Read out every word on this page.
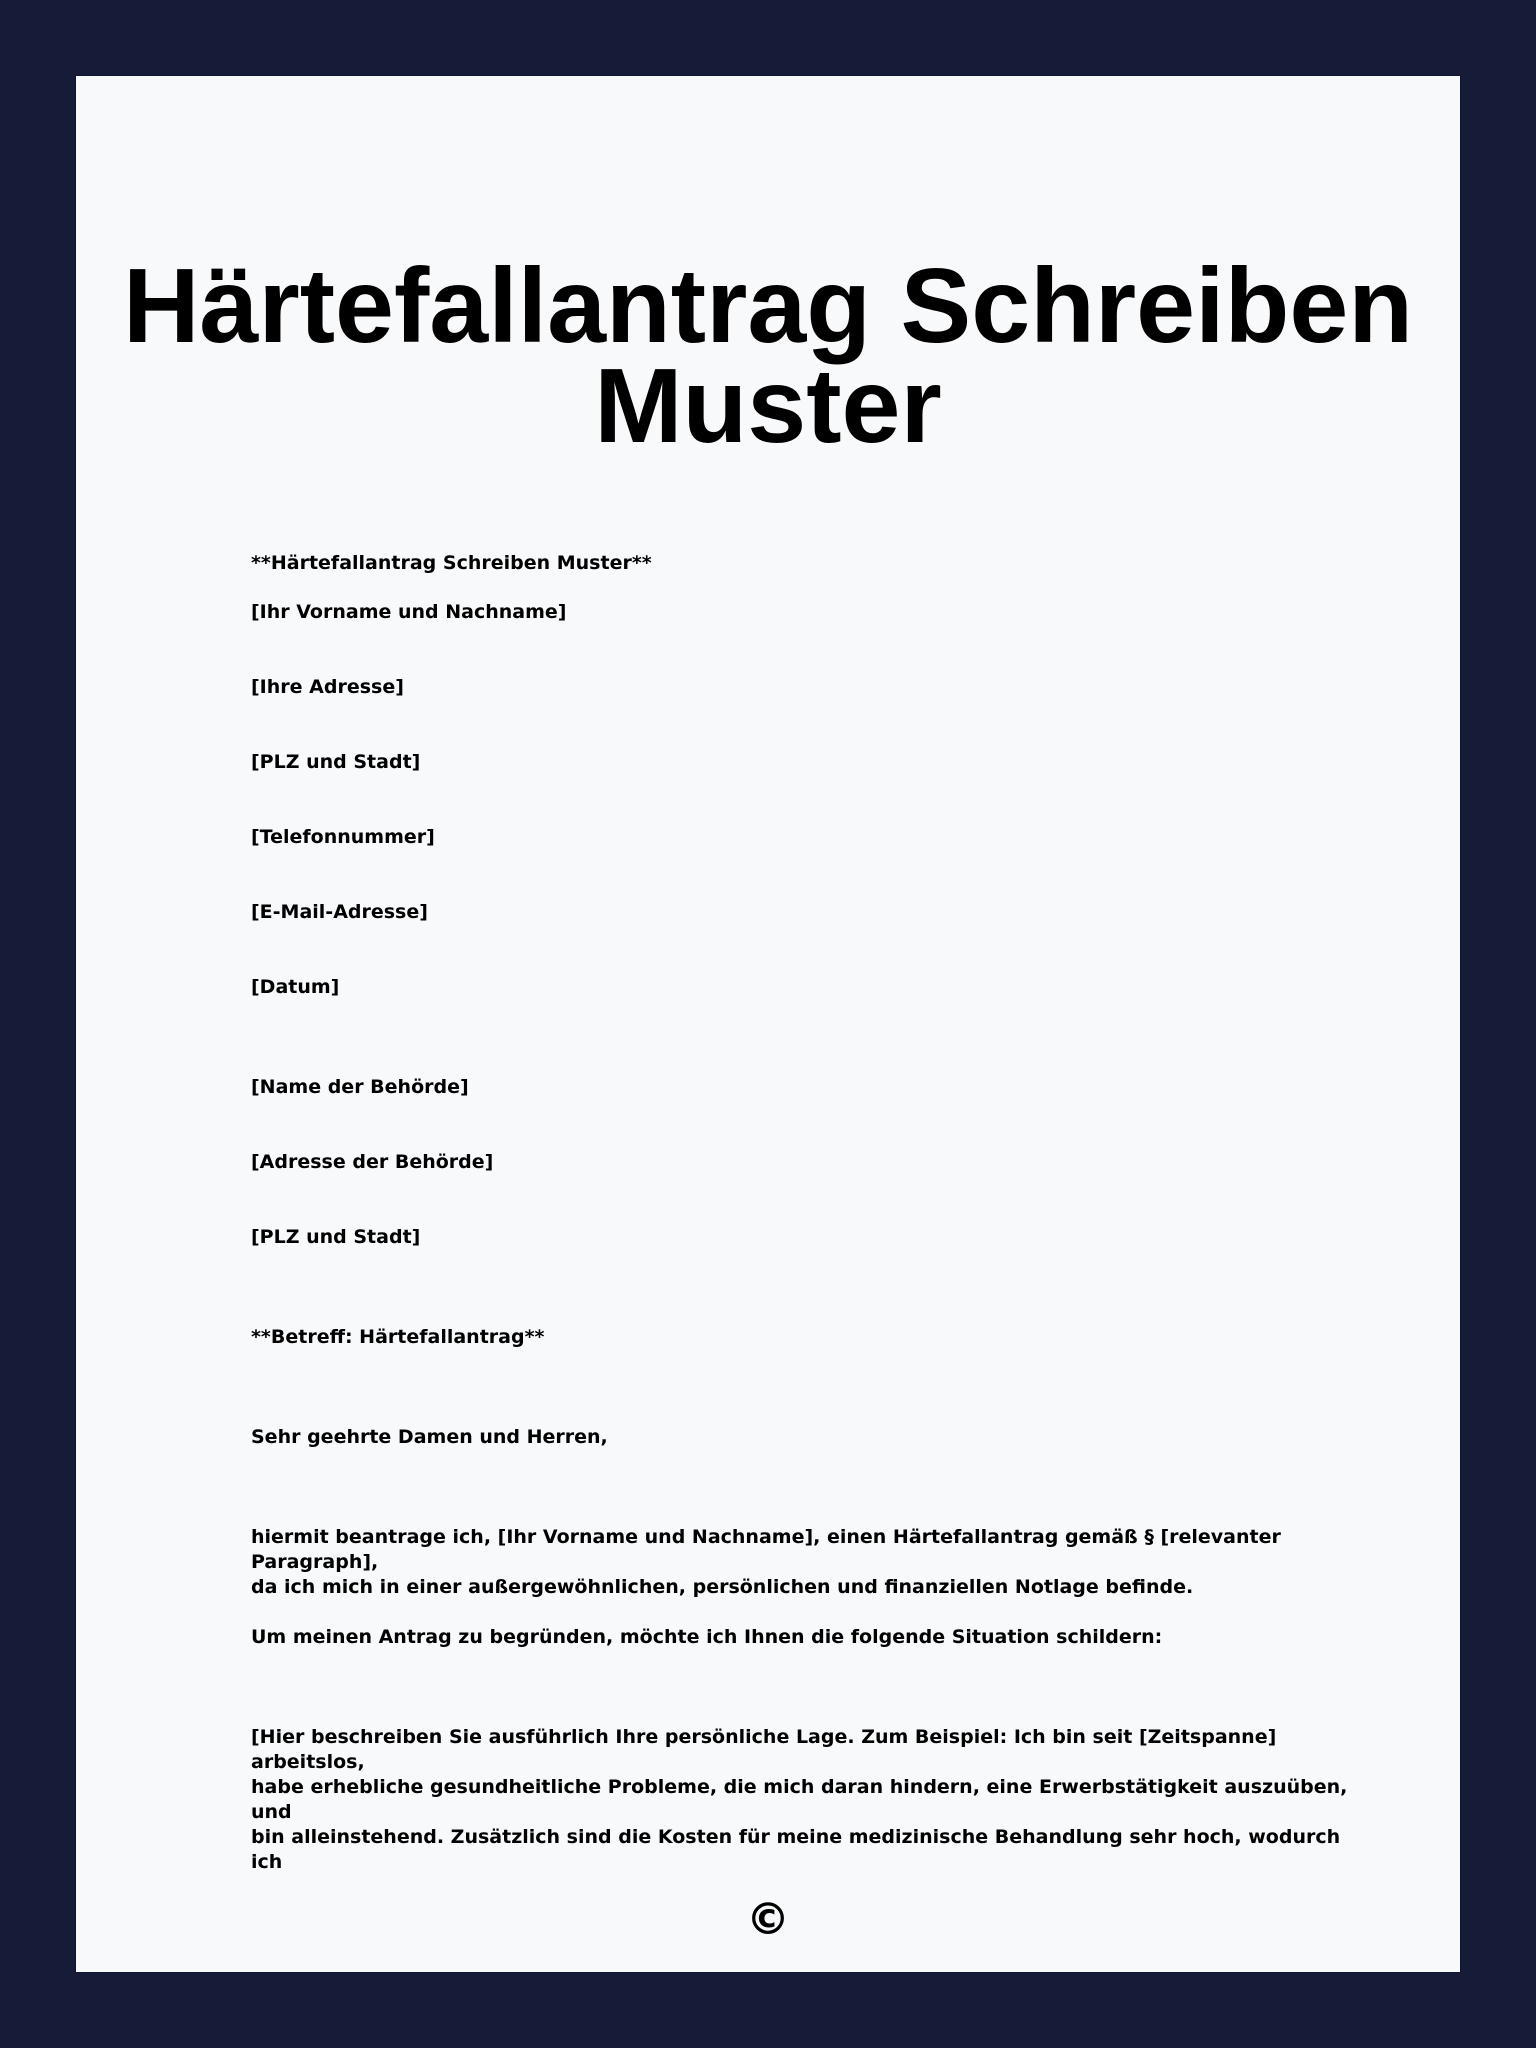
Härtefallantrag Schreiben Muster

**Härtefallantrag Schreiben Muster**

[Ihr Vorname und Nachname]

[Ihre Adresse]

[PLZ und Stadt]

[Telefonnummer]

[E-Mail-Adresse]

[Datum]

[Name der Behörde]

[Adresse der Behörde]

[PLZ und Stadt]

**Betreff: Härtefallantrag**

Sehr geehrte Damen und Herren,

hiermit beantrage ich, [Ihr Vorname und Nachname], einen Härtefallantrag gemäß § [relevanter Paragraph],
da ich mich in einer außergewöhnlichen, persönlichen und finanziellen Notlage befinde.

Um meinen Antrag zu begründen, möchte ich Ihnen die folgende Situation schildern:

[Hier beschreiben Sie ausführlich Ihre persönliche Lage. Zum Beispiel: Ich bin seit [Zeitspanne] arbeitslos,
habe erhebliche gesundheitliche Probleme, die mich daran hindern, eine Erwerbstätigkeit auszuüben, und
bin alleinstehend. Zusätzlich sind die Kosten für meine medizinische Behandlung sehr hoch, wodurch ich

©
